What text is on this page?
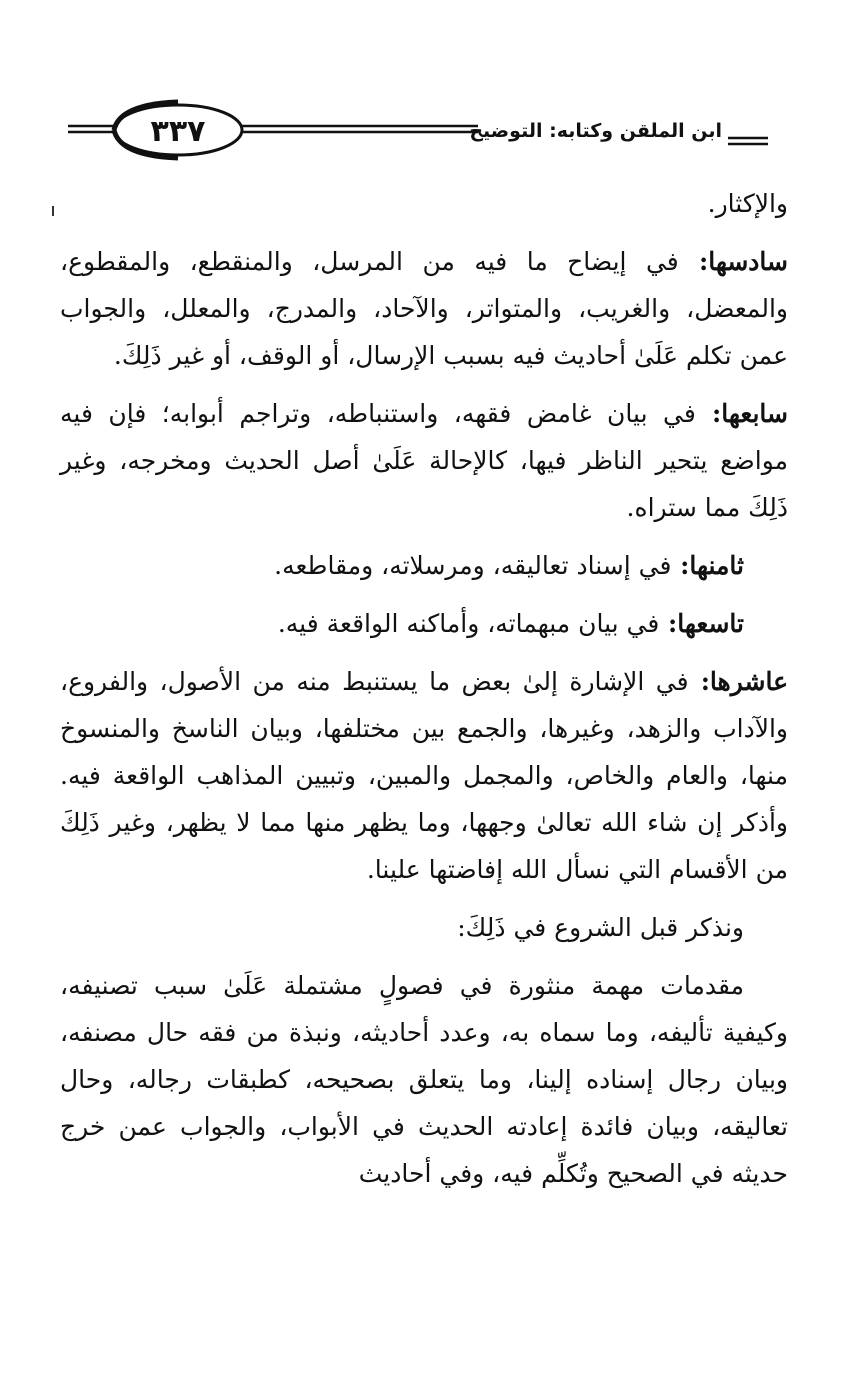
٣٣٧	ابن الملقن وكتابه: التوضيح

والإكثار.

سادسها: في إيضاح ما فيه من المرسل، والمنقطع، والمقطوع، والمعضل، والغريب، والمتواتر، والآحاد، والمدرج، والمعلل، والجواب عمن تكلم عَلَىٰ أحاديث فيه بسبب الإرسال، أو الوقف، أو غير ذَلِكَ.

سابعها: في بيان غامض فقهه، واستنباطه، وتراجم أبوابه؛ فإن فيه مواضع يتحير الناظر فيها، كالإحالة عَلَىٰ أصل الحديث ومخرجه، وغير ذَلِكَ مما ستراه.

ثامنها: في إسناد تعاليقه، ومرسلاته، ومقاطعه.

تاسعها: في بيان مبهماته، وأماكنه الواقعة فيه.

عاشرها: في الإشارة إلىٰ بعض ما يستنبط منه من الأصول، والفروع، والآداب والزهد، وغيرها، والجمع بين مختلفها، وبيان الناسخ والمنسوخ منها، والعام والخاص، والمجمل والمبين، وتبيين المذاهب الواقعة فيه. وأذكر إن شاء الله تعالىٰ وجهها، وما يظهر منها مما لا يظهر، وغير ذَلِكَ من الأقسام التي نسأل الله إفاضتها علينا.

ونذكر قبل الشروع في ذَلِكَ:

مقدمات مهمة منثورة في فصولٍ مشتملة عَلَىٰ سبب تصنيفه، وكيفية تأليفه، وما سماه به، وعدد أحاديثه، ونبذة من فقه حال مصنفه، وبيان رجال إسناده إلينا، وما يتعلق بصحيحه، كطبقات رجاله، وحال تعاليقه، وبيان فائدة إعادته الحديث في الأبواب، والجواب عمن خرج حديثه في الصحيح وتُكلِّم فيه، وفي أحاديث
